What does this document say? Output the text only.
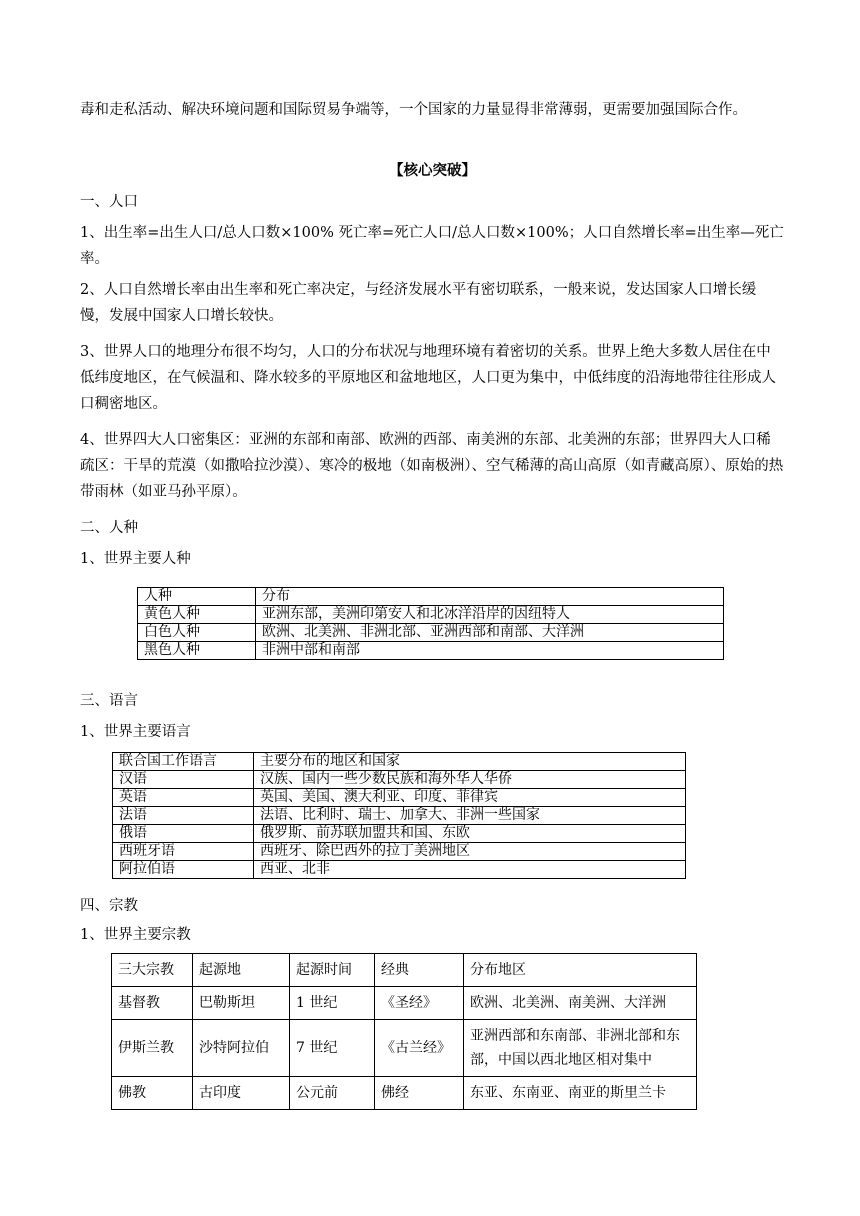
毒和走私活动、解决环境问题和国际贸易争端等，一个国家的力量显得非常薄弱，更需要加强国际合作。

【核心突破】

一、人口

1、出生率=出生人口/总人口数×100% 死亡率=死亡人口/总人口数×100%；人口自然增长率=出生率—死亡率。

2、人口自然增长率由出生率和死亡率决定，与经济发展水平有密切联系，一般来说，发达国家人口增长缓慢，发展中国家人口增长较快。

3、世界人口的地理分布很不均匀，人口的分布状况与地理环境有着密切的关系。世界上绝大多数人居住在中低纬度地区，在气候温和、降水较多的平原地区和盆地地区，人口更为集中，中低纬度的沿海地带往往形成人口稠密地区。

4、世界四大人口密集区：亚洲的东部和南部、欧洲的西部、南美洲的东部、北美洲的东部；世界四大人口稀疏区：干旱的荒漠（如撒哈拉沙漠）、寒冷的极地（如南极洲）、空气稀薄的高山高原（如青藏高原）、原始的热带雨林（如亚马孙平原）。

二、人种

1、世界主要人种

人种	分布
黄色人种	亚洲东部，美洲印第安人和北冰洋沿岸的因纽特人
白色人种	欧洲、北美洲、非洲北部、亚洲西部和南部、大洋洲
黑色人种	非洲中部和南部

三、语言

1、世界主要语言

联合国工作语言	主要分布的地区和国家
汉语	汉族、国内一些少数民族和海外华人华侨
英语	英国、美国、澳大利亚、印度、菲律宾
法语	法语、比利时、瑞士、加拿大、非洲一些国家
俄语	俄罗斯、前苏联加盟共和国、东欧
西班牙语	西班牙、除巴西外的拉丁美洲地区
阿拉伯语	西亚、北非

四、宗教

1、世界主要宗教

三大宗教	起源地	起源时间	经典	分布地区
基督教	巴勒斯坦	1 世纪	《圣经》	欧洲、北美洲、南美洲、大洋洲
伊斯兰教	沙特阿拉伯	7 世纪	《古兰经》	亚洲西部和东南部、非洲北部和东部，中国以西北地区相对集中
佛教	古印度	公元前	佛经	东亚、东南亚、南亚的斯里兰卡
